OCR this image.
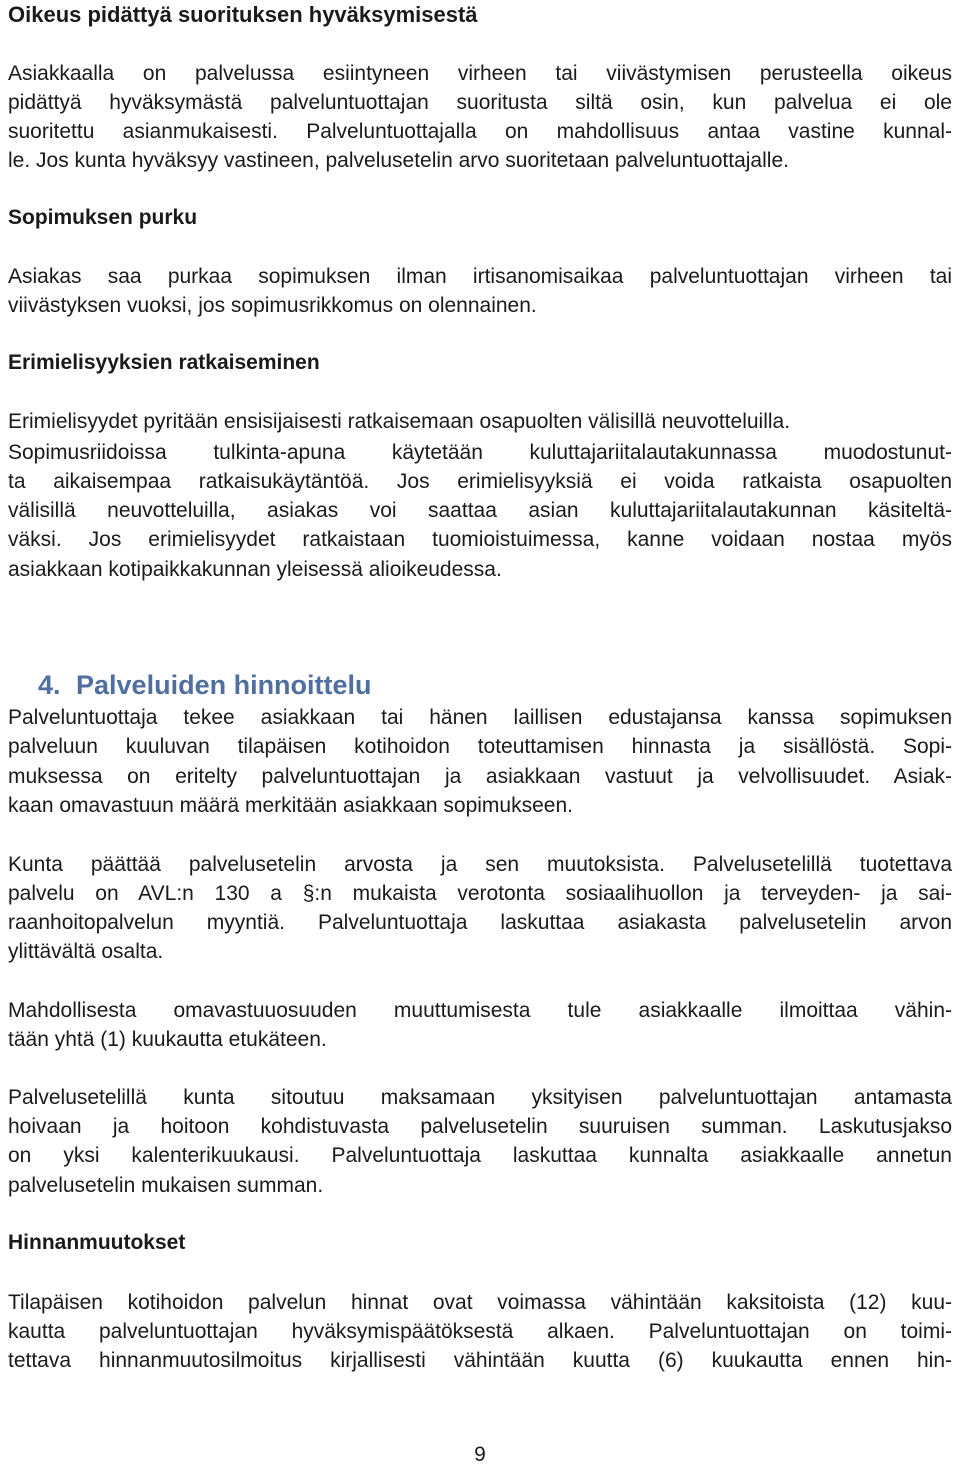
Oikeus pidättyä suorituksen hyväksymisestä
Asiakkaalla on palvelussa esiintyneen virheen tai viivästymisen perusteella oikeus
pidättyä hyväksymästä palveluntuottajan suoritusta siltä osin, kun palvelua ei ole
suoritettu asianmukaisesti. Palveluntuottajalla on mahdollisuus antaa vastine kunnal-
le. Jos kunta hyväksyy vastineen, palvelusetelin arvo suoritetaan palveluntuottajalle.
Sopimuksen purku
Asiakas saa purkaa sopimuksen ilman irtisanomisaikaa palveluntuottajan virheen tai
viivästyksen vuoksi, jos sopimusrikkomus on olennainen.
Erimielisyyksien ratkaiseminen
Erimielisyydet pyritään ensisijaisesti ratkaisemaan osapuolten välisillä neuvotteluilla.
Sopimusriidoissa tulkinta-apuna käytetään kuluttajariitalautakunnassa muodostunut-
ta aikaisempaa ratkaisukäytäntöä. Jos erimielisyyksiä ei voida ratkaista osapuolten
välisillä neuvotteluilla, asiakas voi saattaa asian kuluttajariitalautakunnan käsiteltä-
väksi. Jos erimielisyydet ratkaistaan tuomioistuimessa, kanne voidaan nostaa myös
asiakkaan kotipaikkakunnan yleisessä alioikeudessa.

4. Palveluiden hinnoittelu

Palveluntuottaja tekee asiakkaan tai hänen laillisen edustajansa kanssa sopimuksen
palveluun kuuluvan tilapäisen kotihoidon toteuttamisen hinnasta ja sisällöstä. Sopi-
muksessa on eritelty palveluntuottajan ja asiakkaan vastuut ja velvollisuudet. Asiak-
kaan omavastuun määrä merkitään asiakkaan sopimukseen.
Kunta päättää palvelusetelin arvosta ja sen muutoksista. Palvelusetelillä tuotettava
palvelu on AVL:n 130 a §:n mukaista verotonta sosiaalihuollon ja terveyden- ja sai-
raanhoitopalvelun myyntiä. Palveluntuottaja laskuttaa asiakasta palvelusetelin arvon
ylittävältä osalta.
Mahdollisesta omavastuuosuuden muuttumisesta tule asiakkaalle ilmoittaa vähin-
tään yhtä (1) kuukautta etukäteen.
Palvelusetelillä kunta sitoutuu maksamaan yksityisen palveluntuottajan antamasta
hoivaan ja hoitoon kohdistuvasta palvelusetelin suuruisen summan. Laskutusjakso
on yksi kalenterikuukausi. Palveluntuottaja laskuttaa kunnalta asiakkaalle annetun
palvelusetelin mukaisen summan.
Hinnanmuutokset
Tilapäisen kotihoidon palvelun hinnat ovat voimassa vähintään kaksitoista (12) kuu-
kautta palveluntuottajan hyväksymispäätöksestä alkaen. Palveluntuottajan on toimi-
tettava hinnanmuutosilmoitus kirjallisesti vähintään kuutta (6) kuukautta ennen hin-
9
